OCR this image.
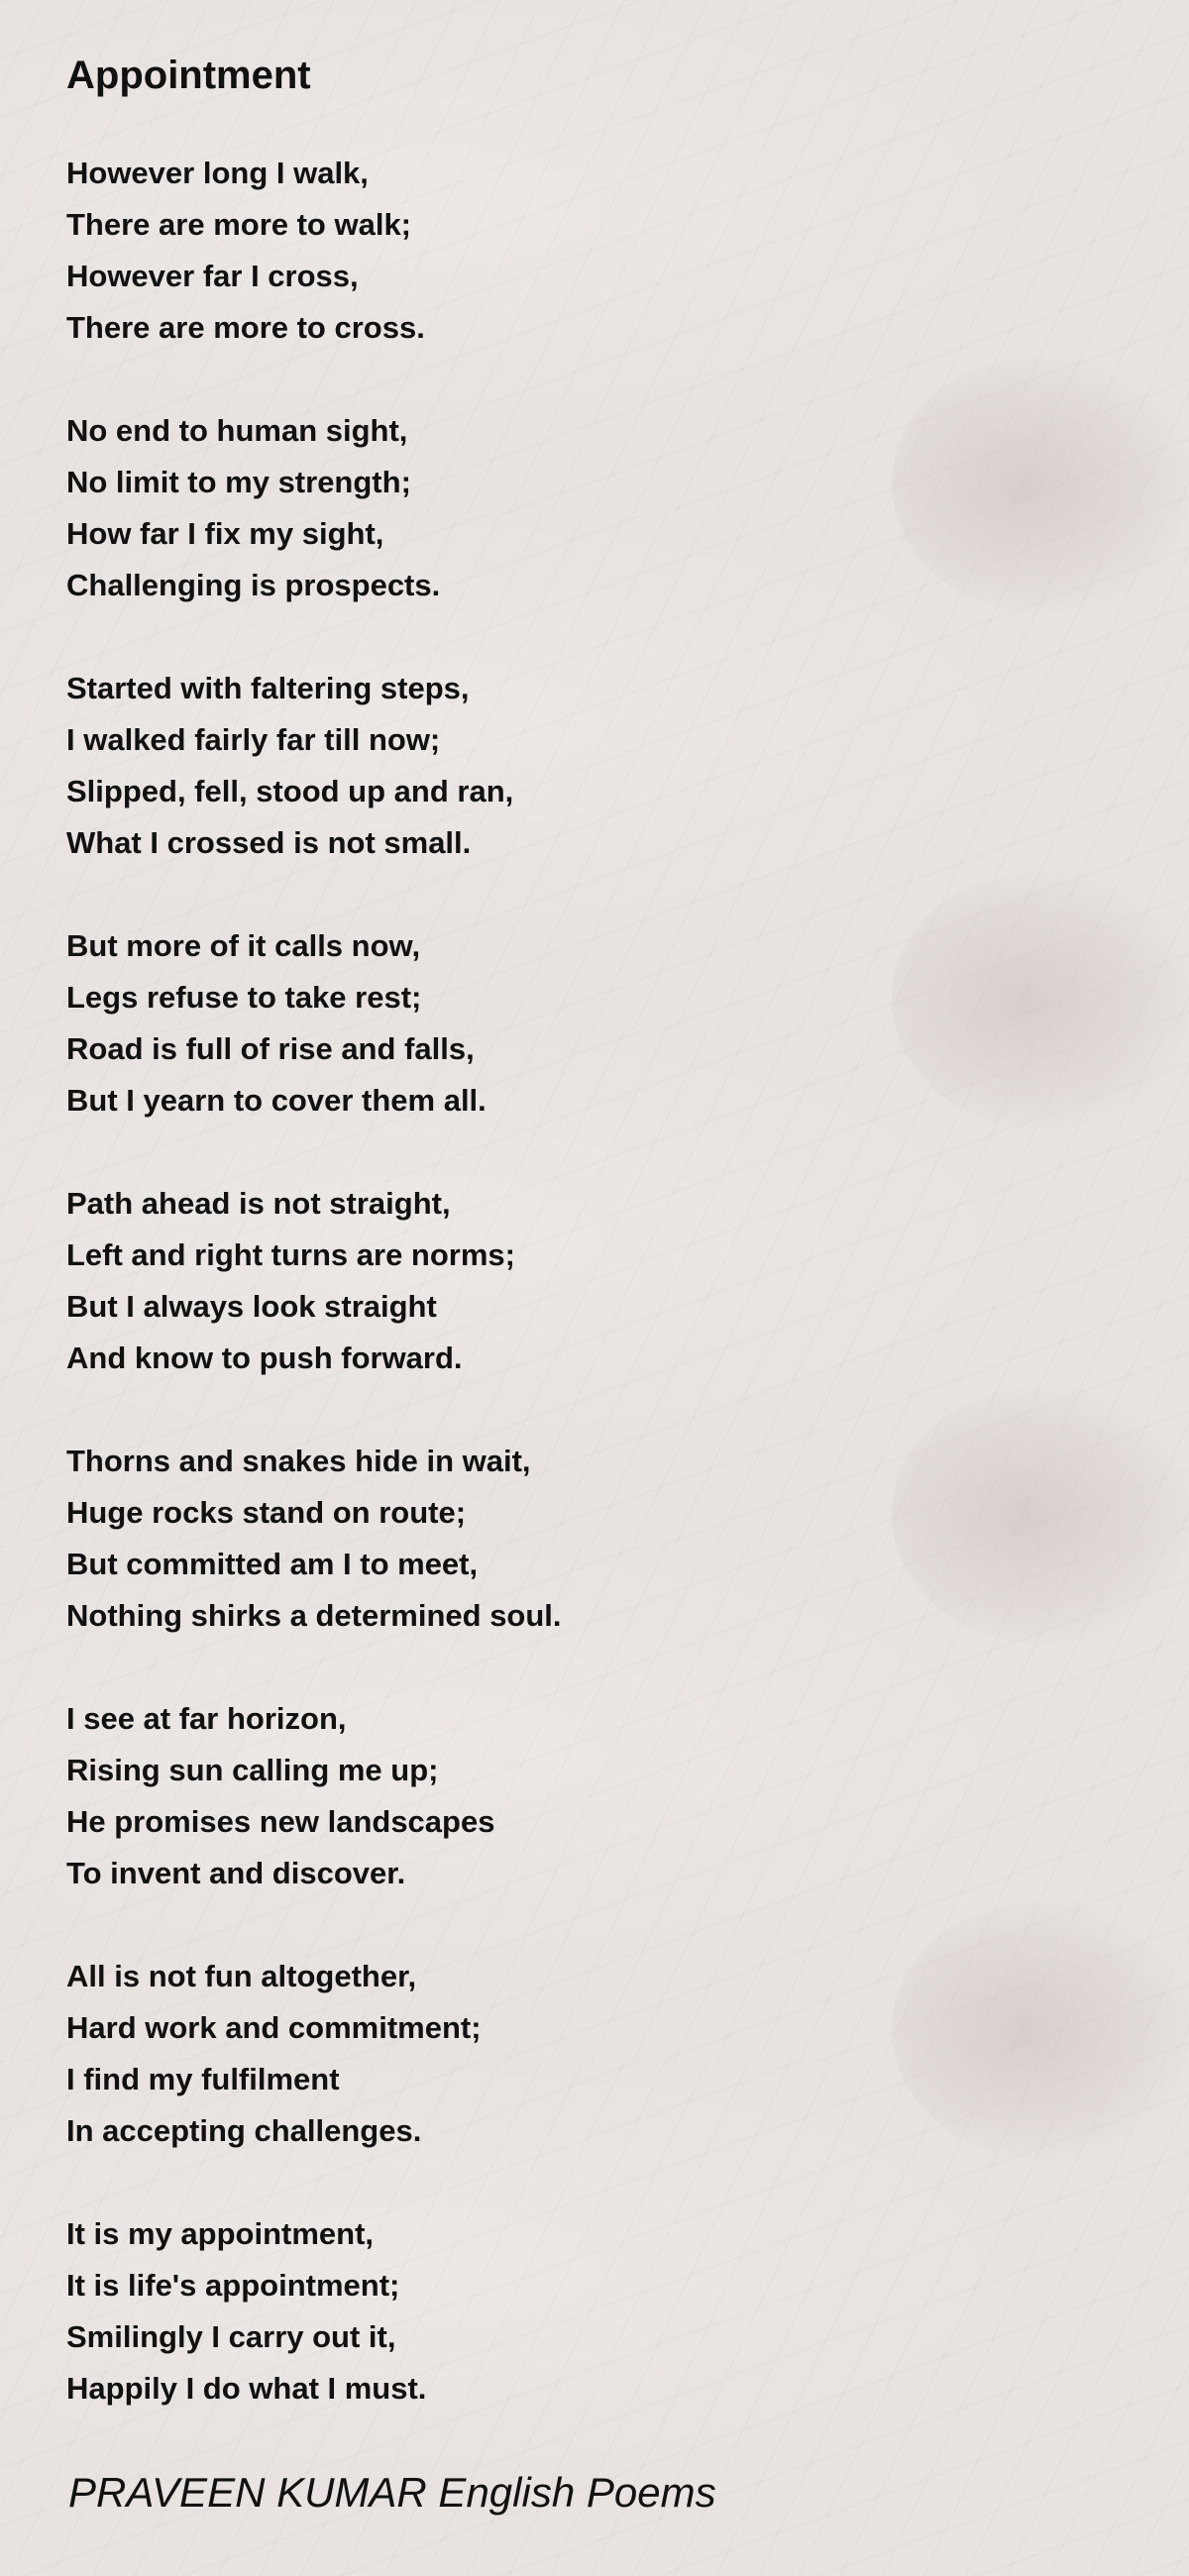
Appointment
However long I walk,
There are more to walk;
However far I cross,
There are more to cross.
No end to human sight,
No limit to my strength;
How far I fix my sight,
Challenging is prospects.
Started with faltering steps,
I walked fairly far till now;
Slipped, fell, stood up and ran,
What I crossed is not small.
But more of it calls now,
Legs refuse to take rest;
Road is full of rise and falls,
But I yearn to cover them all.
Path ahead is not straight,
Left and right turns are norms;
But I always look straight
And know to push forward.
Thorns and snakes hide in wait,
Huge rocks stand on route;
But committed am I to meet,
Nothing shirks a determined soul.
I see at far horizon,
Rising sun calling me up;
He promises new landscapes
To invent and discover.
All is not fun altogether,
Hard work and commitment;
I find my fulfilment
In accepting challenges.
It is my appointment,
It is life's appointment;
Smilingly I carry out it,
Happily I do what I must.
PRAVEEN KUMAR English Poems
